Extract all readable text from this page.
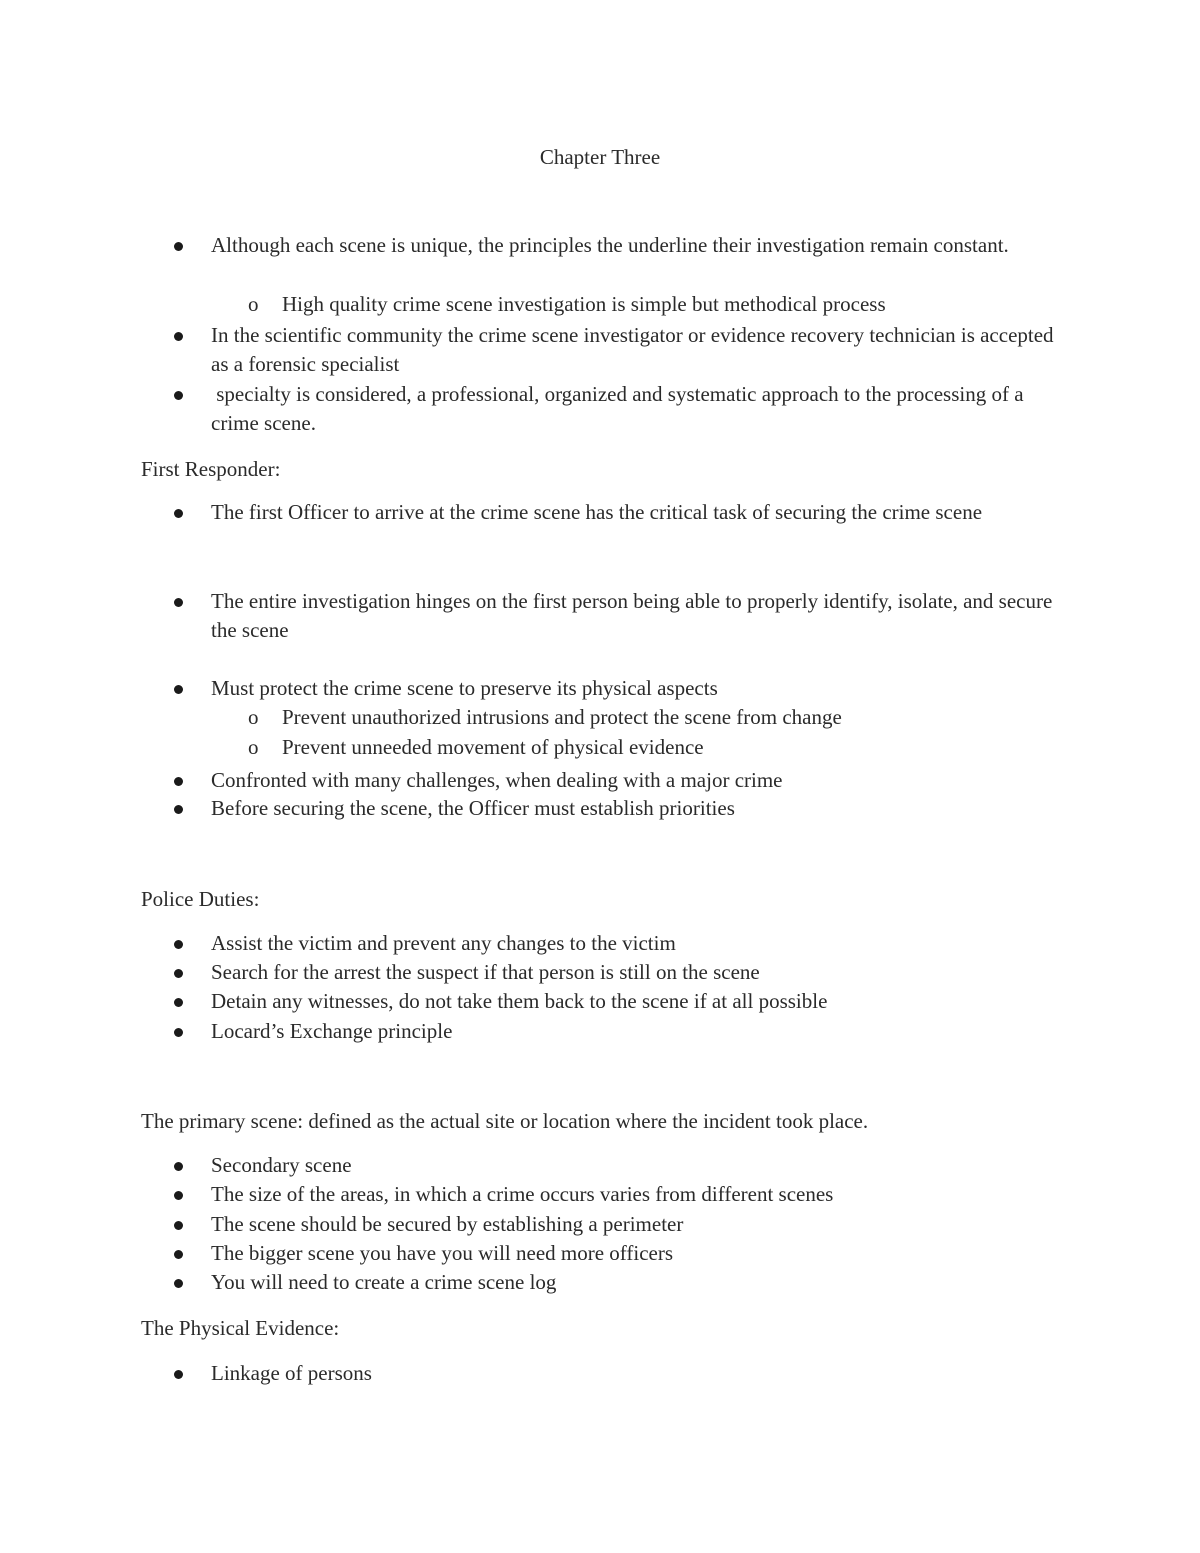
Chapter Three
Although each scene is unique, the principles the underline their investigation remain constant.
o	High quality crime scene investigation is simple but methodical process
In the scientific community the crime scene investigator or evidence recovery technician is accepted as a forensic specialist
specialty is considered, a professional, organized and systematic approach to the processing of a crime scene.
First Responder:
The first Officer to arrive at the crime scene has the critical task of securing the crime scene
The entire investigation hinges on the first person being able to properly identify, isolate, and secure the scene
Must protect the crime scene to preserve its physical aspects
o	Prevent unauthorized intrusions and protect the scene from change
o	Prevent unneeded movement of physical evidence
Confronted with many challenges, when dealing with a major crime
Before securing the scene, the Officer must establish priorities
Police Duties:
Assist the victim and prevent any changes to the victim
Search for the arrest the suspect if that person is still on the scene
Detain any witnesses, do not take them back to the scene if at all possible
Locard’s Exchange principle
The primary scene: defined as the actual site or location where the incident took place.
Secondary scene
The size of the areas, in which a crime occurs varies from different scenes
The scene should be secured by establishing a perimeter
The bigger scene you have you will need more officers
You will need to create a crime scene log
The Physical Evidence:
Linkage of persons
